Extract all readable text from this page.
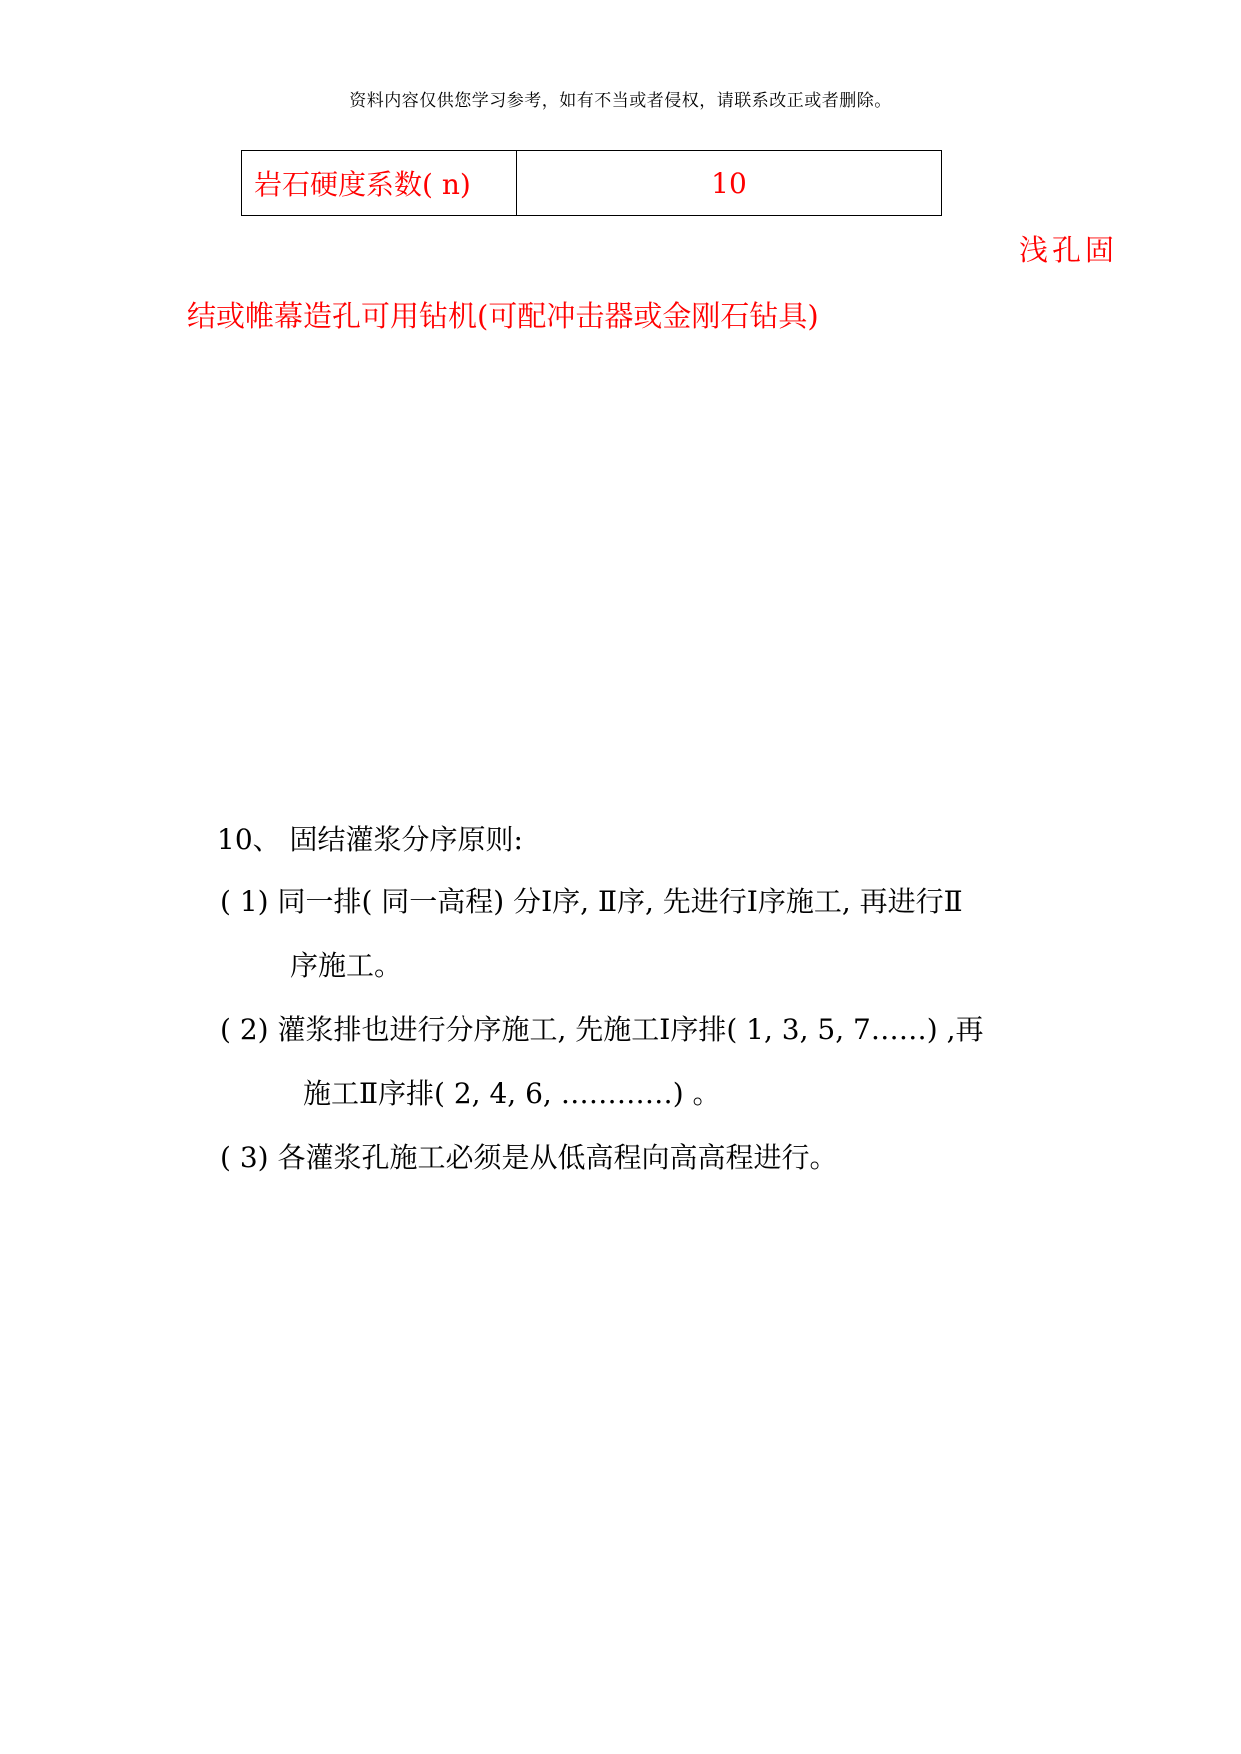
资料内容仅供您学习参考，如有不当或者侵权，请联系改正或者删除。
岩石硬度系数( n)	10
浅孔固
结或帷幕造孔可用钻机(可配冲击器或金刚石钻具)
10、 固结灌浆分序原则:
( 1) 同一排( 同一高程) 分Ⅰ序, Ⅱ序, 先进行Ⅰ序施工, 再进行Ⅱ
序施工。
( 2) 灌浆排也进行分序施工, 先施工Ⅰ序排( 1, 3, 5, 7……) ,再
施工Ⅱ序排( 2, 4, 6, …………) 。
( 3) 各灌浆孔施工必须是从低高程向高高程进行。
